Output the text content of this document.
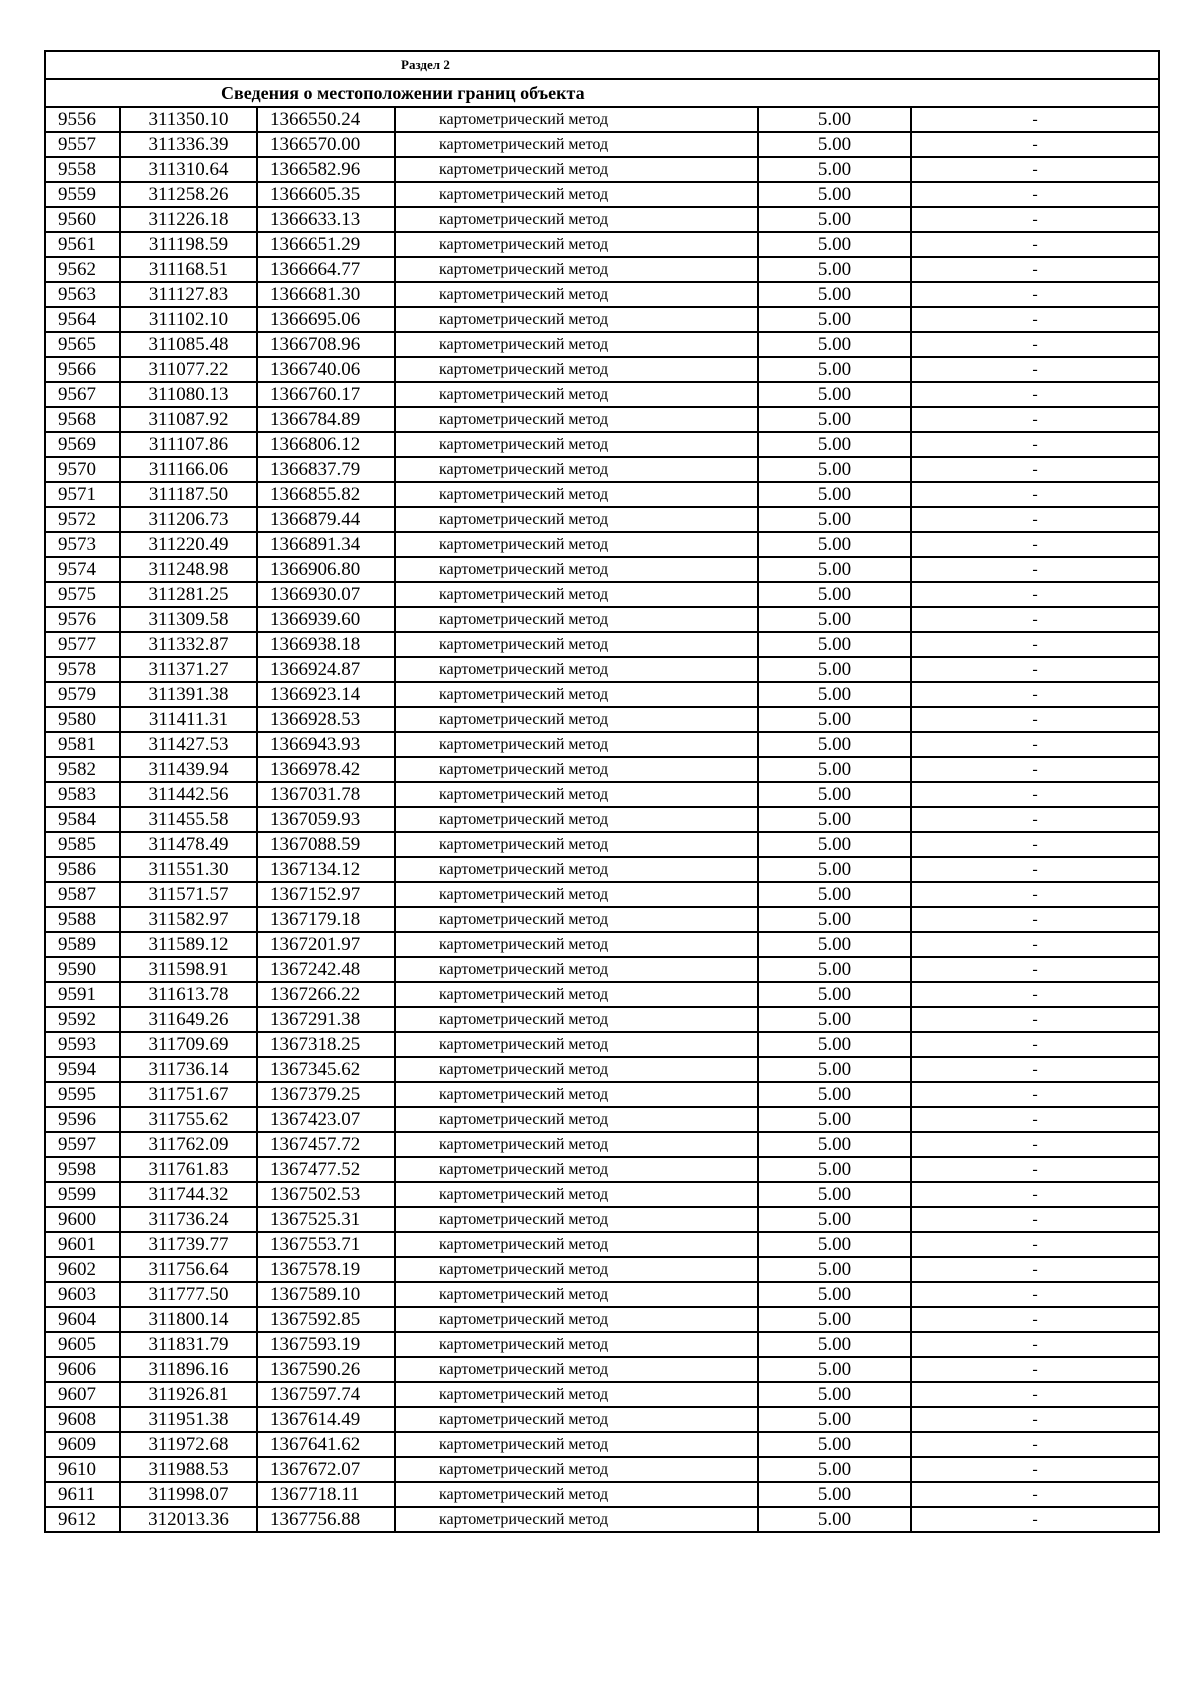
Раздел 2					
Сведения о местоположении границ объекта					
9556	311350.10	1366550.24	картометрический метод	5.00	-
9557	311336.39	1366570.00	картометрический метод	5.00	-
9558	311310.64	1366582.96	картометрический метод	5.00	-
9559	311258.26	1366605.35	картометрический метод	5.00	-
9560	311226.18	1366633.13	картометрический метод	5.00	-
9561	311198.59	1366651.29	картометрический метод	5.00	-
9562	311168.51	1366664.77	картометрический метод	5.00	-
9563	311127.83	1366681.30	картометрический метод	5.00	-
9564	311102.10	1366695.06	картометрический метод	5.00	-
9565	311085.48	1366708.96	картометрический метод	5.00	-
9566	311077.22	1366740.06	картометрический метод	5.00	-
9567	311080.13	1366760.17	картометрический метод	5.00	-
9568	311087.92	1366784.89	картометрический метод	5.00	-
9569	311107.86	1366806.12	картометрический метод	5.00	-
9570	311166.06	1366837.79	картометрический метод	5.00	-
9571	311187.50	1366855.82	картометрический метод	5.00	-
9572	311206.73	1366879.44	картометрический метод	5.00	-
9573	311220.49	1366891.34	картометрический метод	5.00	-
9574	311248.98	1366906.80	картометрический метод	5.00	-
9575	311281.25	1366930.07	картометрический метод	5.00	-
9576	311309.58	1366939.60	картометрический метод	5.00	-
9577	311332.87	1366938.18	картометрический метод	5.00	-
9578	311371.27	1366924.87	картометрический метод	5.00	-
9579	311391.38	1366923.14	картометрический метод	5.00	-
9580	311411.31	1366928.53	картометрический метод	5.00	-
9581	311427.53	1366943.93	картометрический метод	5.00	-
9582	311439.94	1366978.42	картометрический метод	5.00	-
9583	311442.56	1367031.78	картометрический метод	5.00	-
9584	311455.58	1367059.93	картометрический метод	5.00	-
9585	311478.49	1367088.59	картометрический метод	5.00	-
9586	311551.30	1367134.12	картометрический метод	5.00	-
9587	311571.57	1367152.97	картометрический метод	5.00	-
9588	311582.97	1367179.18	картометрический метод	5.00	-
9589	311589.12	1367201.97	картометрический метод	5.00	-
9590	311598.91	1367242.48	картометрический метод	5.00	-
9591	311613.78	1367266.22	картометрический метод	5.00	-
9592	311649.26	1367291.38	картометрический метод	5.00	-
9593	311709.69	1367318.25	картометрический метод	5.00	-
9594	311736.14	1367345.62	картометрический метод	5.00	-
9595	311751.67	1367379.25	картометрический метод	5.00	-
9596	311755.62	1367423.07	картометрический метод	5.00	-
9597	311762.09	1367457.72	картометрический метод	5.00	-
9598	311761.83	1367477.52	картометрический метод	5.00	-
9599	311744.32	1367502.53	картометрический метод	5.00	-
9600	311736.24	1367525.31	картометрический метод	5.00	-
9601	311739.77	1367553.71	картометрический метод	5.00	-
9602	311756.64	1367578.19	картометрический метод	5.00	-
9603	311777.50	1367589.10	картометрический метод	5.00	-
9604	311800.14	1367592.85	картометрический метод	5.00	-
9605	311831.79	1367593.19	картометрический метод	5.00	-
9606	311896.16	1367590.26	картометрический метод	5.00	-
9607	311926.81	1367597.74	картометрический метод	5.00	-
9608	311951.38	1367614.49	картометрический метод	5.00	-
9609	311972.68	1367641.62	картометрический метод	5.00	-
9610	311988.53	1367672.07	картометрический метод	5.00	-
9611	311998.07	1367718.11	картометрический метод	5.00	-
9612	312013.36	1367756.88	картометрический метод	5.00	-
